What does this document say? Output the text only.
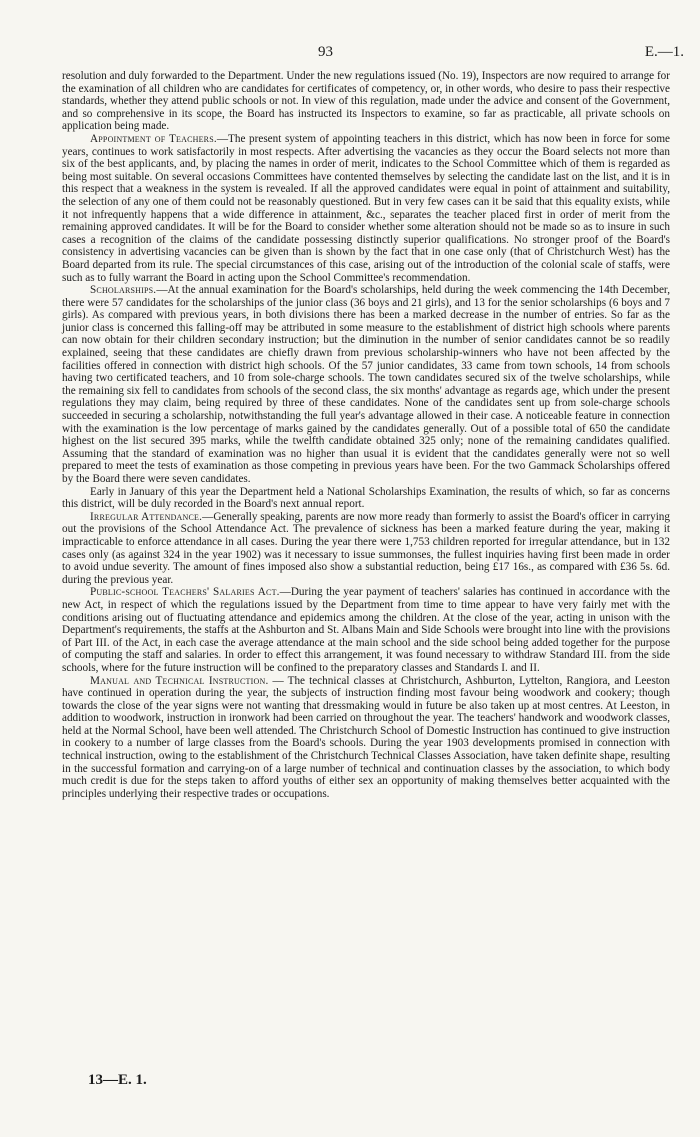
93	E.—1.

resolution and duly forwarded to the Department. Under the new regulations issued (No. 19), Inspectors are now required to arrange for the examination of all children who are candidates for certificates of competency, or, in other words, who desire to pass their respective standards, whether they attend public schools or not. In view of this regulation, made under the advice and consent of the Government, and so comprehensive in its scope, the Board has instructed its Inspectors to examine, so far as practicable, all private schools on application being made.

Appointment of Teachers.—The present system of appointing teachers in this district, which has now been in force for some years, continues to work satisfactorily in most respects. After advertising the vacancies as they occur the Board selects not more than six of the best applicants, and, by placing the names in order of merit, indicates to the School Committee which of them is regarded as being most suitable. On several occasions Committees have contented themselves by selecting the candidate last on the list, and it is in this respect that a weakness in the system is revealed. If all the approved candidates were equal in point of attainment and suitability, the selection of any one of them could not be reasonably questioned. But in very few cases can it be said that this equality exists, while it not infrequently happens that a wide difference in attainment, &c., separates the teacher placed first in order of merit from the remaining approved candidates. It will be for the Board to consider whether some alteration should not be made so as to insure in such cases a recognition of the claims of the candidate possessing distinctly superior qualifications. No stronger proof of the Board's consistency in advertising vacancies can be given than is shown by the fact that in one case only (that of Christchurch West) has the Board departed from its rule. The special circumstances of this case, arising out of the introduction of the colonial scale of staffs, were such as to fully warrant the Board in acting upon the School Committee's recommendation.

Scholarships.—At the annual examination for the Board's scholarships, held during the week commencing the 14th December, there were 57 candidates for the scholarships of the junior class (36 boys and 21 girls), and 13 for the senior scholarships (6 boys and 7 girls). As compared with previous years, in both divisions there has been a marked decrease in the number of entries. So far as the junior class is concerned this falling-off may be attributed in some measure to the establishment of district high schools where parents can now obtain for their children secondary instruction; but the diminution in the number of senior candidates cannot be so readily explained, seeing that these candidates are chiefly drawn from previous scholarship-winners who have not been affected by the facilities offered in connection with district high schools. Of the 57 junior candidates, 33 came from town schools, 14 from schools having two certificated teachers, and 10 from sole-charge schools. The town candidates secured six of the twelve scholarships, while the remaining six fell to candidates from schools of the second class, the six months' advantage as regards age, which under the present regulations they may claim, being required by three of these candidates. None of the candidates sent up from sole-charge schools succeeded in securing a scholarship, notwithstanding the full year's advantage allowed in their case. A noticeable feature in connection with the examination is the low percentage of marks gained by the candidates generally. Out of a possible total of 650 the candidate highest on the list secured 395 marks, while the twelfth candidate obtained 325 only; none of the remaining candidates qualified. Assuming that the standard of examination was no higher than usual it is evident that the candidates generally were not so well prepared to meet the tests of examination as those competing in previous years have been. For the two Gammack Scholarships offered by the Board there were seven candidates.

Early in January of this year the Department held a National Scholarships Examination, the results of which, so far as concerns this district, will be duly recorded in the Board's next annual report.

Irregular Attendance.—Generally speaking, parents are now more ready than formerly to assist the Board's officer in carrying out the provisions of the School Attendance Act. The prevalence of sickness has been a marked feature during the year, making it impracticable to enforce attendance in all cases. During the year there were 1,753 children reported for irregular attendance, but in 132 cases only (as against 324 in the year 1902) was it necessary to issue summonses, the fullest inquiries having first been made in order to avoid undue severity. The amount of fines imposed also show a substantial reduction, being £17 16s., as compared with £36 5s. 6d. during the previous year.

Public-school Teachers' Salaries Act.—During the year payment of teachers' salaries has continued in accordance with the new Act, in respect of which the regulations issued by the Department from time to time appear to have very fairly met with the conditions arising out of fluctuating attendance and epidemics among the children. At the close of the year, acting in unison with the Department's requirements, the staffs at the Ashburton and St. Albans Main and Side Schools were brought into line with the provisions of Part III. of the Act, in each case the average attendance at the main school and the side school being added together for the purpose of computing the staff and salaries. In order to effect this arrangement, it was found necessary to withdraw Standard III. from the side schools, where for the future instruction will be confined to the preparatory classes and Standards I. and II.

Manual and Technical Instruction. — The technical classes at Christchurch, Ashburton, Lyttelton, Rangiora, and Leeston have continued in operation during the year, the subjects of instruction finding most favour being woodwork and cookery; though towards the close of the year signs were not wanting that dressmaking would in future be also taken up at most centres. At Leeston, in addition to woodwork, instruction in ironwork had been carried on throughout the year. The teachers' handwork and woodwork classes, held at the Normal School, have been well attended. The Christchurch School of Domestic Instruction has continued to give instruction in cookery to a number of large classes from the Board's schools. During the year 1903 developments promised in connection with technical instruction, owing to the establishment of the Christchurch Technical Classes Association, have taken definite shape, resulting in the successful formation and carrying-on of a large number of technical and continuation classes by the association, to which body much credit is due for the steps taken to afford youths of either sex an opportunity of making themselves better acquainted with the principles underlying their respective trades or occupations.

13—E. 1.
